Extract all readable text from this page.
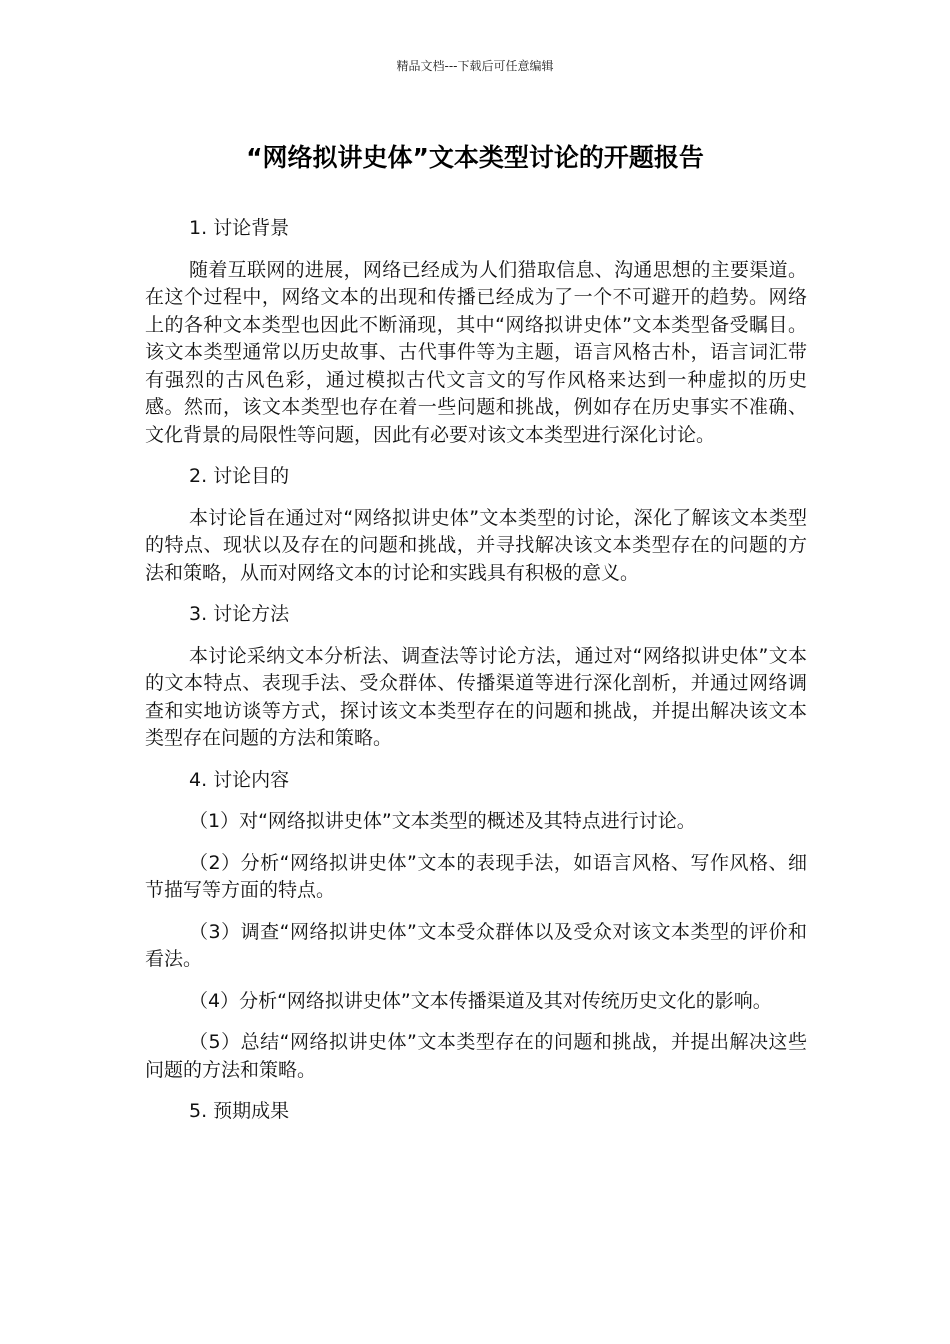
精品文档---下载后可任意编辑
“网络拟讲史体”文本类型讨论的开题报告
1. 讨论背景
随着互联网的进展，网络已经成为人们猎取信息、沟通思想的主要渠道。在这个过程中，网络文本的出现和传播已经成为了一个不可避开的趋势。网络上的各种文本类型也因此不断涌现，其中“网络拟讲史体”文本类型备受瞩目。该文本类型通常以历史故事、古代事件等为主题，语言风格古朴，语言词汇带有强烈的古风色彩，通过模拟古代文言文的写作风格来达到一种虚拟的历史感。然而，该文本类型也存在着一些问题和挑战，例如存在历史事实不准确、文化背景的局限性等问题，因此有必要对该文本类型进行深化讨论。
2. 讨论目的
本讨论旨在通过对“网络拟讲史体”文本类型的讨论，深化了解该文本类型的特点、现状以及存在的问题和挑战，并寻找解决该文本类型存在的问题的方法和策略，从而对网络文本的讨论和实践具有积极的意义。
3. 讨论方法
本讨论采纳文本分析法、调查法等讨论方法，通过对“网络拟讲史体”文本的文本特点、表现手法、受众群体、传播渠道等进行深化剖析，并通过网络调查和实地访谈等方式，探讨该文本类型存在的问题和挑战，并提出解决该文本类型存在问题的方法和策略。
4. 讨论内容
（1）对“网络拟讲史体”文本类型的概述及其特点进行讨论。
（2）分析“网络拟讲史体”文本的表现手法，如语言风格、写作风格、细节描写等方面的特点。
（3）调查“网络拟讲史体”文本受众群体以及受众对该文本类型的评价和看法。
（4）分析“网络拟讲史体”文本传播渠道及其对传统历史文化的影响。
（5）总结“网络拟讲史体”文本类型存在的问题和挑战，并提出解决这些问题的方法和策略。
5. 预期成果
